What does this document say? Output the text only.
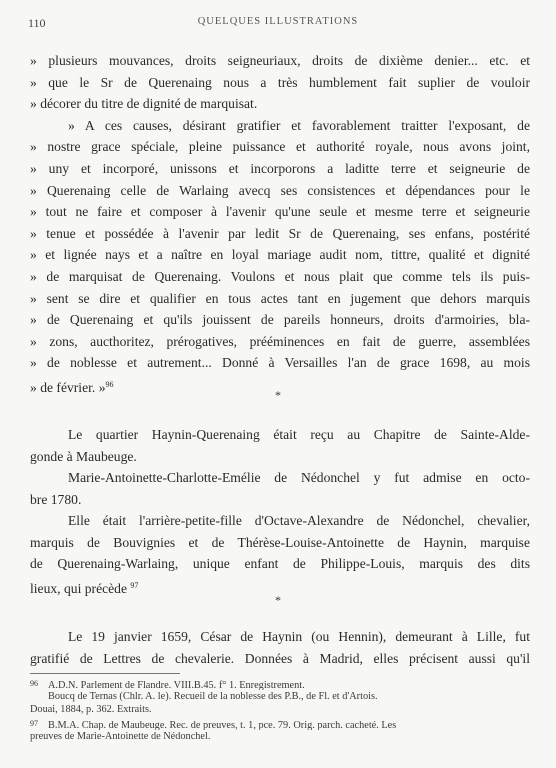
110	QUELQUES ILLUSTRATIONS
» plusieurs mouvances, droits seigneuriaux, droits de dixième denier... etc. et
» que le Sr de Querenaing nous a très humblement fait suplier de vouloir
» décorer du titre de dignité de marquisat.
» A ces causes, désirant gratifier et favorablement traitter l'exposant, de
» nostre grace spéciale, pleine puissance et authorité royale, nous avons joint,
» uny et incorporé, unissons et incorporons a laditte terre et seigneurie de
» Querenaing celle de Warlaing avecq ses consistences et dépendances pour le
» tout ne faire et composer à l'avenir qu'une seule et mesme terre et seigneurie
» tenue et possédée à l'avenir par ledit Sr de Querenaing, ses enfans, postérité
» et lignée nays et a naître en loyal mariage audit nom, tittre, qualité et dignité
» de marquisat de Querenaing. Voulons et nous plait que comme tels ils puis-
» sent se dire et qualifier en tous actes tant en jugement que dehors marquis
» de Querenaing et qu'ils jouissent de pareils honneurs, droits d'armoiries, bla-
» zons, aucthoritez, prérogatives, prééminences en fait de guerre, assemblées
» de noblesse et autrement... Donné à Versailles l'an de grace 1698, au mois
» de février. »$^{96}$
*
Le quartier Haynin-Querenaing était reçu au Chapitre de Sainte-Alde-
gonde à Maubeuge.
Marie-Antoinette-Charlotte-Emélie de Nédonchel y fut admise en octo-
bre 1780.
Elle était l'arrière-petite-fille d'Octave-Alexandre de Nédonchel, chevalier,
marquis de Bouvignies et de Thérèse-Louise-Antoinette de Haynin, marquise
de Querenaing-Warlaing, unique enfant de Philippe-Louis, marquis des dits
lieux, qui précède $^{97}$
*
Le 19 janvier 1659, César de Haynin (ou Hennin), demeurant à Lille, fut
gratifié de Lettres de chevalerie. Données à Madrid, elles précisent aussi qu'il
96 A.D.N. Parlement de Flandre. VIII.B.45. f° 1. Enregistrement.
Boucq de Ternas (Chlr. A. le). Recueil de la noblesse des P.B., de Fl. et d'Artois.
Douai, 1884, p. 362. Extraits.
97 B.M.A. Chap. de Maubeuge. Rec. de preuves, t. 1, pce. 79. Orig. parch. cacheté. Les
preuves de Marie-Antoinette de Nédonchel.
